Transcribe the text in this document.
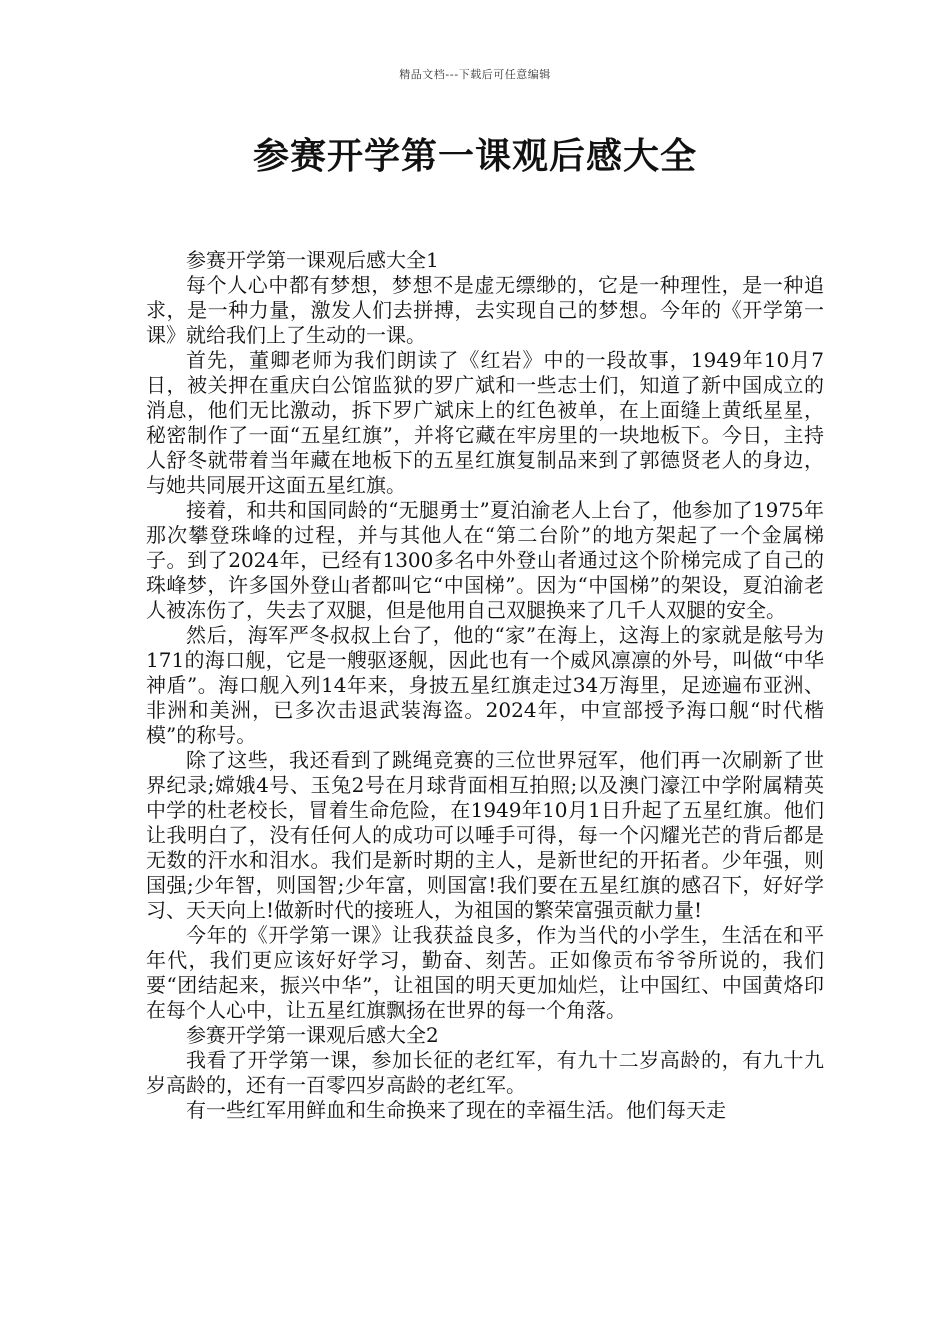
精品文档---下载后可任意编辑
参赛开学第一课观后感大全

参赛开学第一课观后感大全1

每个人心中都有梦想，梦想不是虚无缥缈的，它是一种理性，是一种追求，是一种力量，激发人们去拼搏，去实现自己的梦想。今年的《开学第一课》就给我们上了生动的一课。

首先，董卿老师为我们朗读了《红岩》中的一段故事，1949年10月7日，被关押在重庆白公馆监狱的罗广斌和一些志士们，知道了新中国成立的消息，他们无比激动，拆下罗广斌床上的红色被单，在上面缝上黄纸星星，秘密制作了一面“五星红旗”，并将它藏在牢房里的一块地板下。今日，主持人舒冬就带着当年藏在地板下的五星红旗复制品来到了郭德贤老人的身边，与她共同展开这面五星红旗。

接着，和共和国同龄的“无腿勇士”夏泊渝老人上台了，他参加了1975年那次攀登珠峰的过程，并与其他人在“第二台阶”的地方架起了一个金属梯子。到了2024年，已经有1300多名中外登山者通过这个阶梯完成了自己的珠峰梦，许多国外登山者都叫它“中国梯”。因为“中国梯”的架设，夏泊渝老人被冻伤了，失去了双腿，但是他用自己双腿换来了几千人双腿的安全。

然后，海军严冬叔叔上台了，他的“家”在海上，这海上的家就是舷号为171的海口舰，它是一艘驱逐舰，因此也有一个威风凛凛的外号，叫做“中华神盾”。海口舰入列14年来，身披五星红旗走过34万海里，足迹遍布亚洲、非洲和美洲，已多次击退武装海盗。2024年，中宣部授予海口舰“时代楷模”的称号。

除了这些，我还看到了跳绳竞赛的三位世界冠军，他们再一次刷新了世界纪录;嫦娥4号、玉兔2号在月球背面相互拍照;以及澳门濠江中学附属精英中学的杜老校长，冒着生命危险，在1949年10月1日升起了五星红旗。他们让我明白了，没有任何人的成功可以唾手可得，每一个闪耀光芒的背后都是无数的汗水和泪水。我们是新时期的主人，是新世纪的开拓者。少年强，则国强;少年智，则国智;少年富，则国富!我们要在五星红旗的感召下，好好学习、天天向上!做新时代的接班人，为祖国的繁荣富强贡献力量!

今年的《开学第一课》让我获益良多，作为当代的小学生，生活在和平年代，我们更应该好好学习，勤奋、刻苦。正如像贡布爷爷所说的，我们要“团结起来，振兴中华”，让祖国的明天更加灿烂，让中国红、中国黄烙印在每个人心中，让五星红旗飘扬在世界的每一个角落。

参赛开学第一课观后感大全2

我看了开学第一课，参加长征的老红军，有九十二岁高龄的，有九十九岁高龄的，还有一百零四岁高龄的老红军。

有一些红军用鲜血和生命换来了现在的幸福生活。他们每天走
